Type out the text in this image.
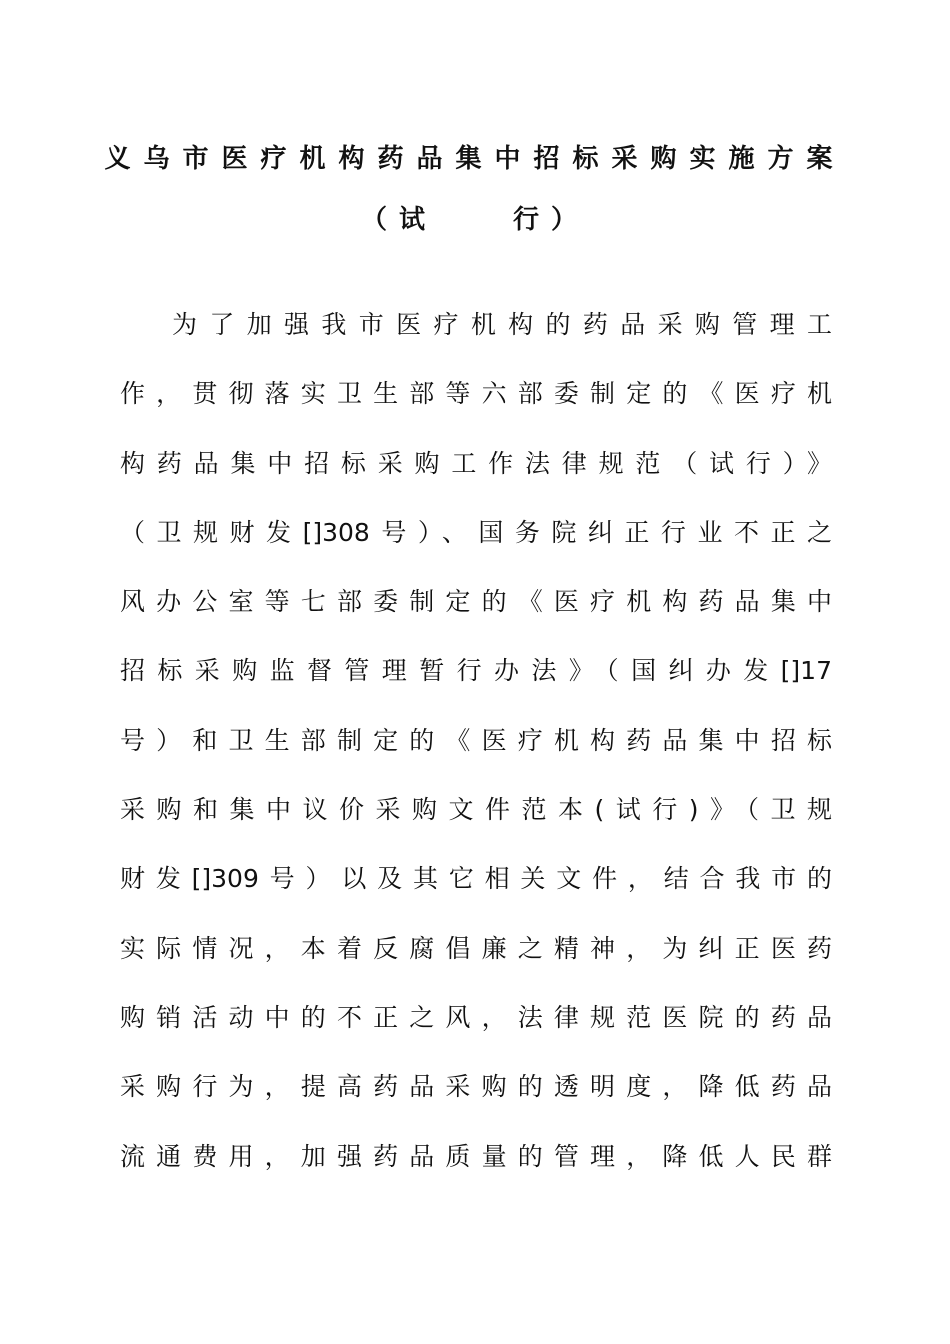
义乌市医疗机构药品集中招标采购实施方案
（试　　行）
为了加强我市医疗机构的药品采购管理工
作，贯彻落实卫生部等六部委制定的《医疗机
构药品集中招标采购工作法律规范（试行）》
（卫规财发[]308号）、国务院纠正行业不正之
风办公室等七部委制定的《医疗机构药品集中
招标采购监督管理暂行办法》（国纠办发[]17
号）和卫生部制定的《医疗机构药品集中招标
采购和集中议价采购文件范本(试行)》（卫规
财发[]309号）以及其它相关文件，结合我市的
实际情况，本着反腐倡廉之精神，为纠正医药
购销活动中的不正之风，法律规范医院的药品
采购行为，提高药品采购的透明度，降低药品
流通费用，加强药品质量的管理，降低人民群
